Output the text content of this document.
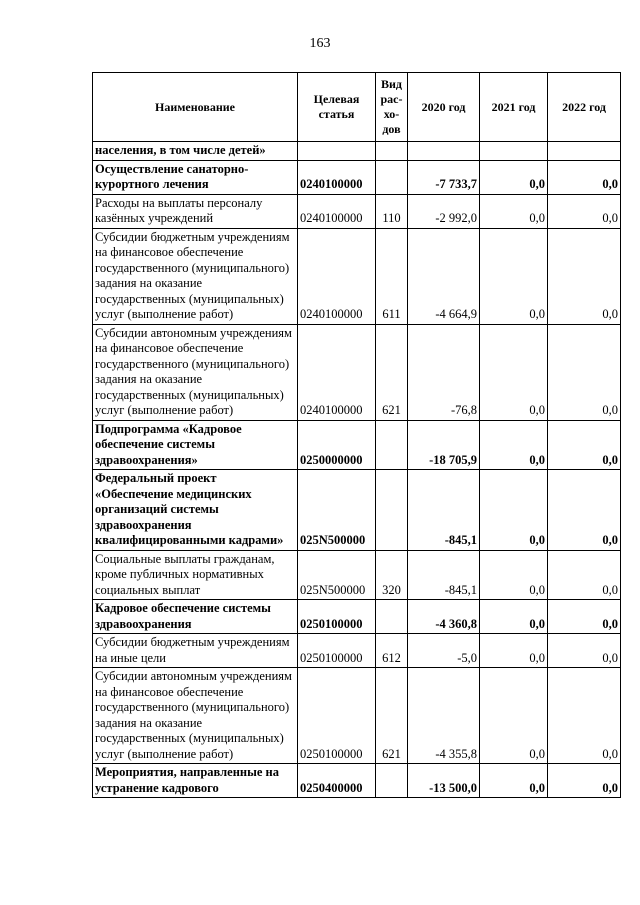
163
Наименование	Целевая статья	Вид рас-хо-дов	2020 год	2021 год	2022 год
населения, в том числе детей»					
Осуществление санаторно-курортного лечения	0240100000		-7 733,7	0,0	0,0
Расходы на выплаты персоналу казённых учреждений	0240100000	110	-2 992,0	0,0	0,0
Субсидии бюджетным учреждениям на финансовое обеспечение государственного (муниципального) задания на оказание государственных (муниципальных) услуг (выполнение работ)	0240100000	611	-4 664,9	0,0	0,0
Субсидии автономным учреждениям на финансовое обеспечение государственного (муниципального) задания на оказание государственных (муниципальных) услуг (выполнение работ)	0240100000	621	-76,8	0,0	0,0
Подпрограмма «Кадровое обеспечение системы здравоохранения»	0250000000		-18 705,9	0,0	0,0
Федеральный проект «Обеспечение медицинских организаций системы здравоохранения квалифицированными кадрами»	025N500000		-845,1	0,0	0,0
Социальные выплаты гражданам, кроме публичных нормативных социальных выплат	025N500000	320	-845,1	0,0	0,0
Кадровое обеспечение системы здравоохранения	0250100000		-4 360,8	0,0	0,0
Субсидии бюджетным учреждениям на иные цели	0250100000	612	-5,0	0,0	0,0
Субсидии автономным учреждениям на финансовое обеспечение государственного (муниципального) задания на оказание государственных (муниципальных) услуг (выполнение работ)	0250100000	621	-4 355,8	0,0	0,0
Мероприятия, направленные на устранение кадрового	0250400000		-13 500,0	0,0	0,0
